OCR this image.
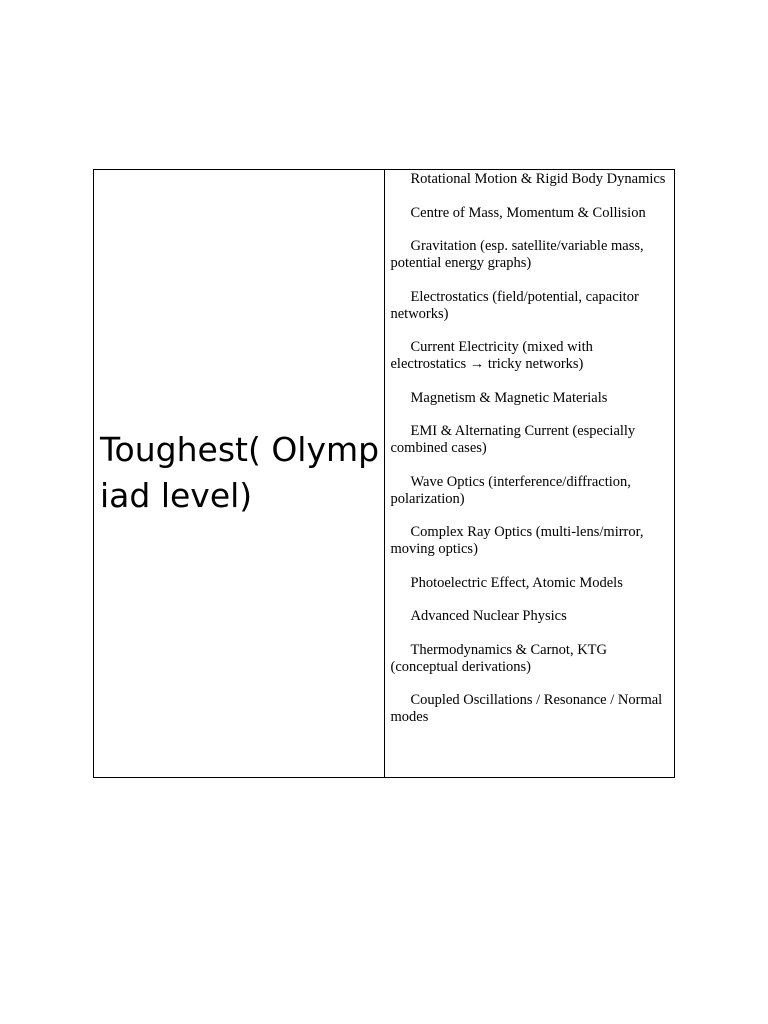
Toughest( Olympiad level)

Rotational Motion & Rigid Body Dynamics
Centre of Mass, Momentum & Collision
Gravitation (esp. satellite/variable mass, potential energy graphs)
Electrostatics (field/potential, capacitor networks)
Current Electricity (mixed with electrostatics → tricky networks)
Magnetism & Magnetic Materials
EMI & Alternating Current (especially combined cases)
Wave Optics (interference/diffraction, polarization)
Complex Ray Optics (multi-lens/mirror, moving optics)
Photoelectric Effect, Atomic Models
Advanced Nuclear Physics
Thermodynamics & Carnot, KTG (conceptual derivations)
Coupled Oscillations / Resonance / Normal modes
